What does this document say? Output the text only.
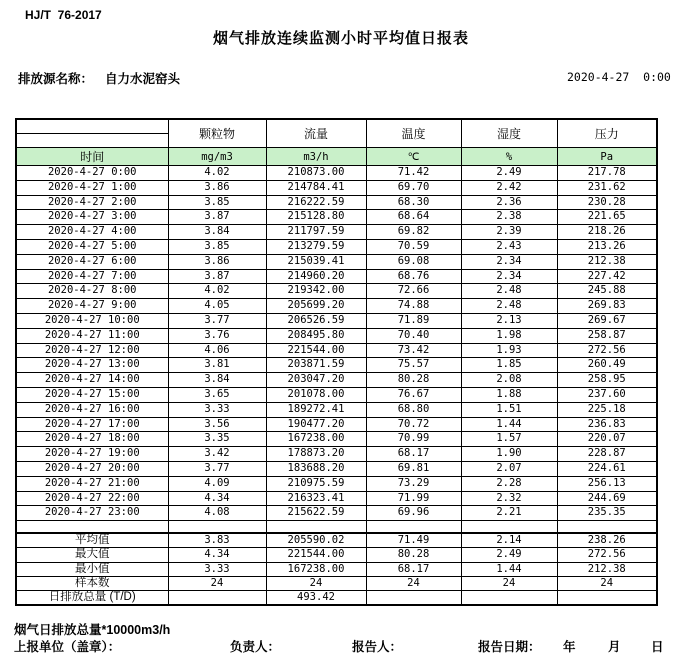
HJ/T  76-2017
烟气排放连续监测小时平均值日报表
排放源名称： 自力水泥窑头	2020-4-27  0:00
	颗粒物	流量	温度	湿度	压力

时间	mg/m3	m3/h	℃	%	Pa
2020-4-27 0:00	4.02	210873.00	71.42	2.49	217.78
2020-4-27 1:00	3.86	214784.41	69.70	2.42	231.62
2020-4-27 2:00	3.85	216222.59	68.30	2.36	230.28
2020-4-27 3:00	3.87	215128.80	68.64	2.38	221.65
2020-4-27 4:00	3.84	211797.59	69.82	2.39	218.26
2020-4-27 5:00	3.85	213279.59	70.59	2.43	213.26
2020-4-27 6:00	3.86	215039.41	69.08	2.34	212.38
2020-4-27 7:00	3.87	214960.20	68.76	2.34	227.42
2020-4-27 8:00	4.02	219342.00	72.66	2.48	245.88
2020-4-27 9:00	4.05	205699.20	74.88	2.48	269.83
2020-4-27 10:00	3.77	206526.59	71.89	2.13	269.67
2020-4-27 11:00	3.76	208495.80	70.40	1.98	258.87
2020-4-27 12:00	4.06	221544.00	73.42	1.93	272.56
2020-4-27 13:00	3.81	203871.59	75.57	1.85	260.49
2020-4-27 14:00	3.84	203047.20	80.28	2.08	258.95
2020-4-27 15:00	3.65	201078.00	76.67	1.88	237.60
2020-4-27 16:00	3.33	189272.41	68.80	1.51	225.18
2020-4-27 17:00	3.56	190477.20	70.72	1.44	236.83
2020-4-27 18:00	3.35	167238.00	70.99	1.57	220.07
2020-4-27 19:00	3.42	178873.20	68.17	1.90	228.87
2020-4-27 20:00	3.77	183688.20	69.81	2.07	224.61
2020-4-27 21:00	4.09	210975.59	73.29	2.28	256.13
2020-4-27 22:00	4.34	216323.41	71.99	2.32	244.69
2020-4-27 23:00	4.08	215622.59	69.96	2.21	235.35

平均值	3.83	205590.02	71.49	2.14	238.26
最大值	4.34	221544.00	80.28	2.49	272.56
最小值	3.33	167238.00	68.17	1.44	212.38
样本数	24	24	24	24	24
日排放总量 (T/D)		493.42			
烟气日排放总量*10000m3/h
上报单位（盖章）：	负责人：	报告人：	报告日期： 年	月 日
